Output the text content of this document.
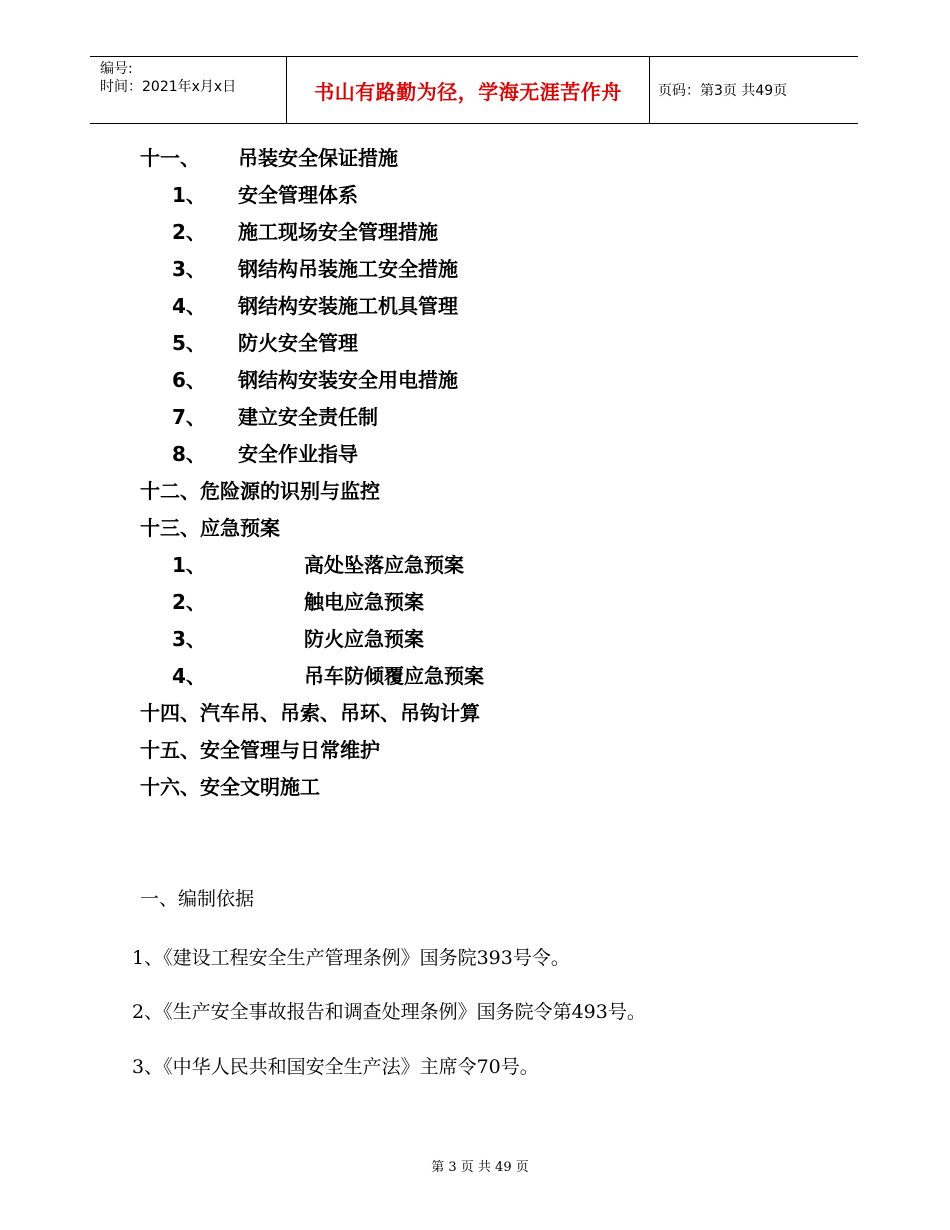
编号:
时间：2021年x月x日	书山有路勤为径，学海无涯苦作舟	页码：第3页 共49页
十一、 吊装安全保证措施
1、 安全管理体系
2、 施工现场安全管理措施
3、 钢结构吊装施工安全措施
4、 钢结构安装施工机具管理
5、 防火安全管理
6、 钢结构安装安全用电措施
7、 建立安全责任制
8、 安全作业指导
十二、危险源的识别与监控
十三、应急预案
1、	高处坠落应急预案
2、	触电应急预案
3、	防火应急预案
4、	吊车防倾覆应急预案
十四、汽车吊、吊索、吊环、吊钩计算
十五、安全管理与日常维护
十六、安全文明施工
一、编制依据
1、《建设工程安全生产管理条例》国务院393号令。
2、《生产安全事故报告和调查处理条例》国务院令第493号。
3、《中华人民共和国安全生产法》主席令70号。
第 3 页 共 49 页
